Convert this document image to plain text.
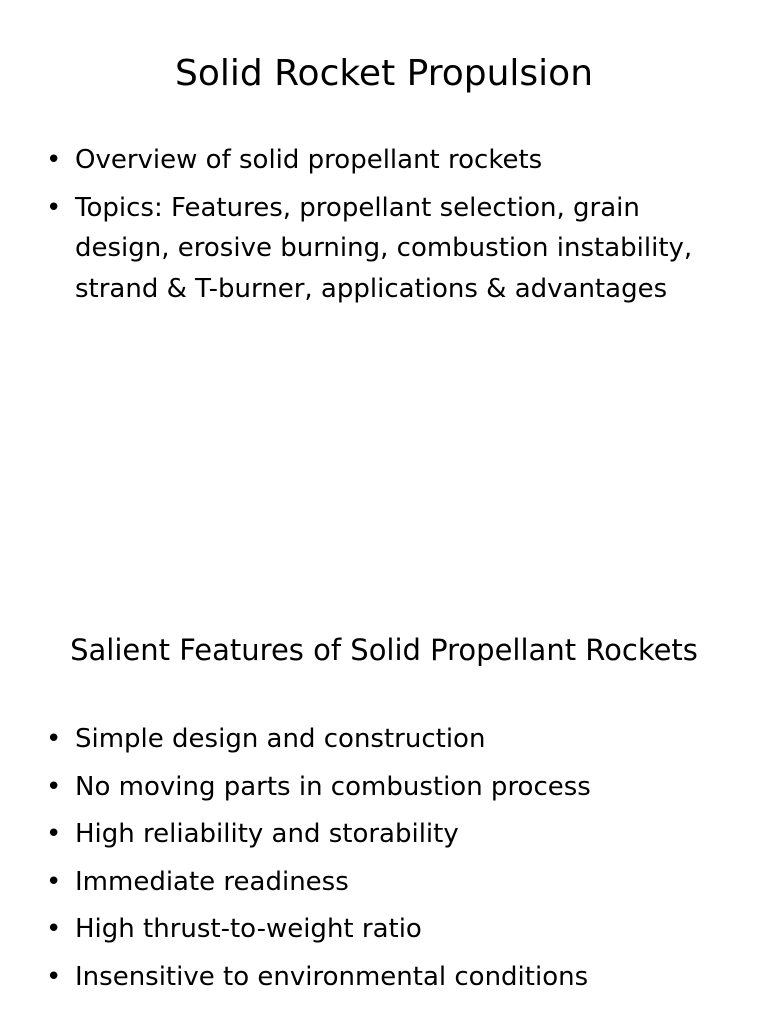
Solid Rocket Propulsion
• Overview of solid propellant rockets
• Topics: Features, propellant selection, grain design, erosive burning, combustion instability, strand & T-burner, applications & advantages
Salient Features of Solid Propellant Rockets
• Simple design and construction
• No moving parts in combustion process
• High reliability and storability
• Immediate readiness
• High thrust-to-weight ratio
• Insensitive to environmental conditions
